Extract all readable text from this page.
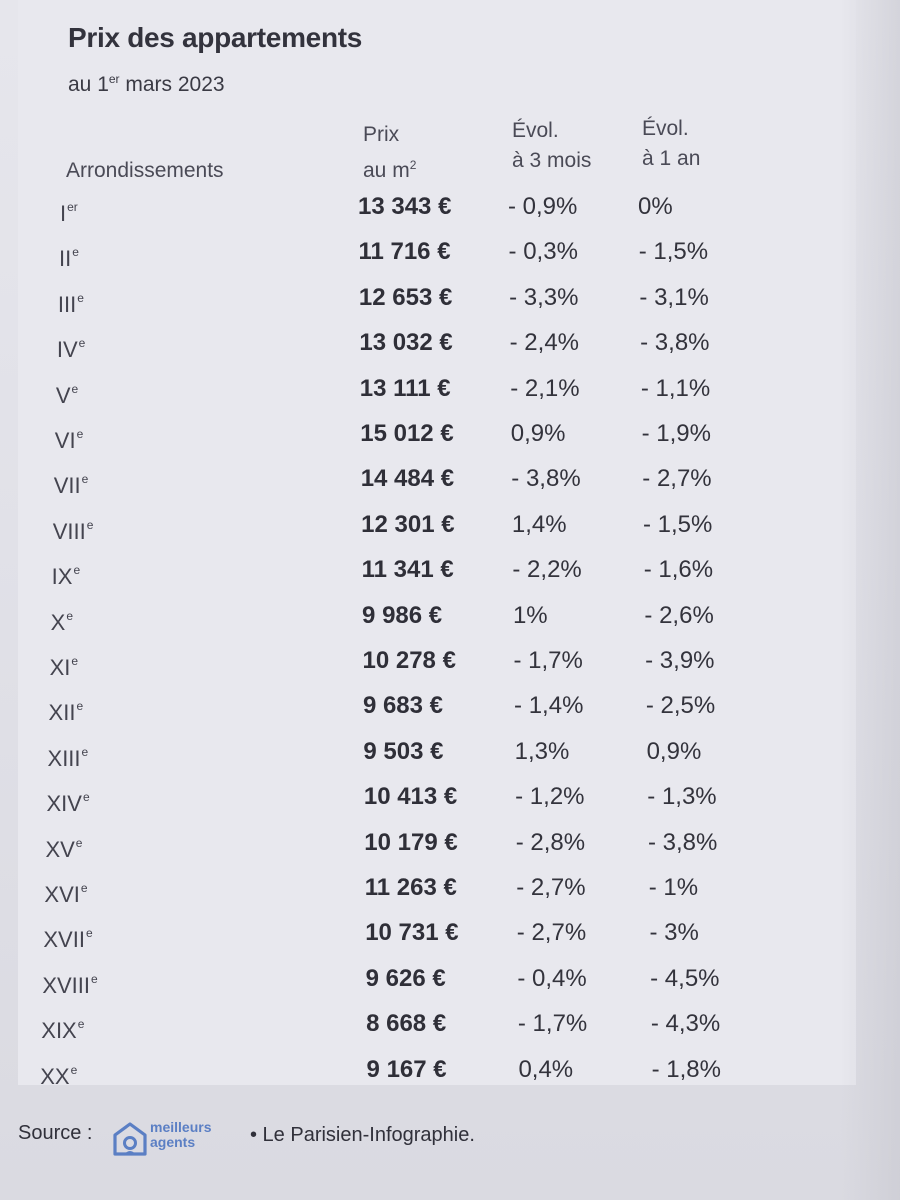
Prix des appartements
au 1er mars 2023
Arrondissements
Prix
au $m^2$
Évol.
à 3 mois
Évol.
à 1 an
Ier	13 343 € - 0,9%	0%
IIe	11 716 € - 0,3%	- 1,5%
IIIe	12 653 € - 3,3%	- 3,1%
IVe	13 032 € - 2,4%	- 3,8%
Ve	13 111 € - 2,1%	- 1,1%
VIe	15 012 € 0,9%	- 1,9%
VIIe	14 484 € - 3,8%	- 2,7%
VIIIe	12 301 € 1,4%	- 1,5%
IXe	11 341 € - 2,2%	- 1,6%
Xe	9 986 €	1%	- 2,6%
XIe	10 278 € - 1,7%	- 3,9%
XIIe	9 683 €	- 1,4%	- 2,5%
XIIIe	9 503 €	1,3%	0,9%
XIVe	10 413 € - 1,2%	- 1,3%
XVe	10 179 € - 2,8%	- 3,8%
XVIe	11 263 € - 2,7%	- 1%
XVIIe	10 731 € - 2,7%	- 3%
XVIIIe	9 626 €	- 0,4%	- 4,5%
XIXe	8 668 €	- 1,7%	- 4,3%
XXe	9 167 €	0,4%	- 1,8%
Source :	meilleurs
agents	• Le Parisien-Infographie.
